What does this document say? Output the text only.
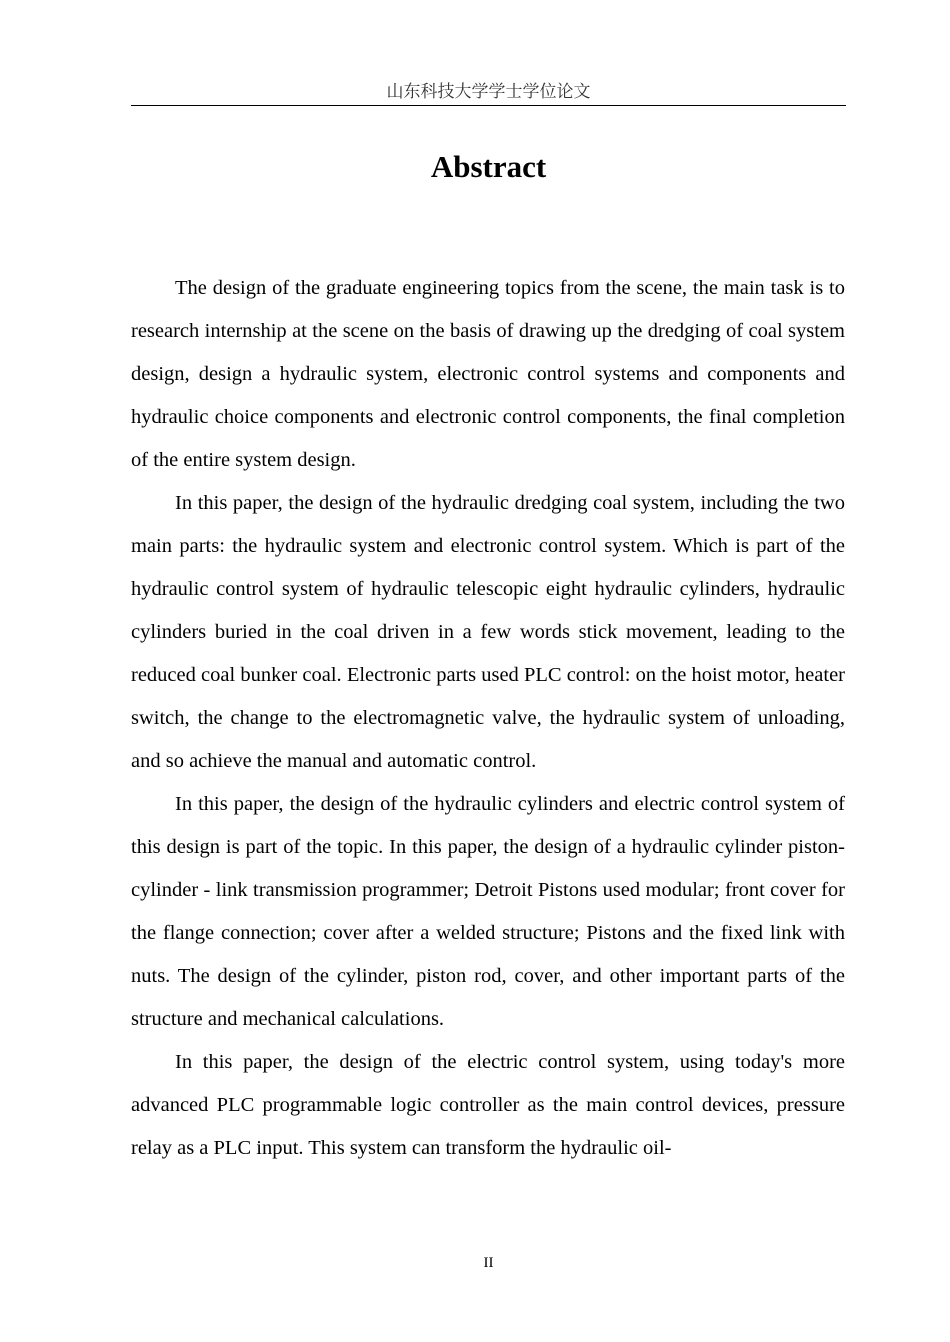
山东科技大学学士学位论文
Abstract

The design of the graduate engineering topics from the scene, the main task is to research internship at the scene on the basis of drawing up the dredging of coal system design, design a hydraulic system, electronic control systems and components and hydraulic choice components and electronic control components, the final completion of the entire system design.

In this paper, the design of the hydraulic dredging coal system, including the two main parts: the hydraulic system and electronic control system. Which is part of the hydraulic control system of hydraulic telescopic eight hydraulic cylinders, hydraulic cylinders buried in the coal driven in a few words stick movement, leading to the reduced coal bunker coal. Electronic parts used PLC control: on the hoist motor, heater switch, the change to the electromagnetic valve, the hydraulic system of unloading, and so achieve the manual and automatic control.

In this paper, the design of the hydraulic cylinders and electric control system of this design is part of the topic. In this paper, the design of a hydraulic cylinder piston-cylinder - link transmission programmer; Detroit Pistons used modular; front cover for the flange connection; cover after a welded structure; Pistons and the fixed link with nuts. The design of the cylinder, piston rod, cover, and other important parts of the structure and mechanical calculations.

In this paper, the design of the electric control system, using today's more advanced PLC programmable logic controller as the main control devices, pressure relay as a PLC input. This system can transform the hydraulic oil-

II
